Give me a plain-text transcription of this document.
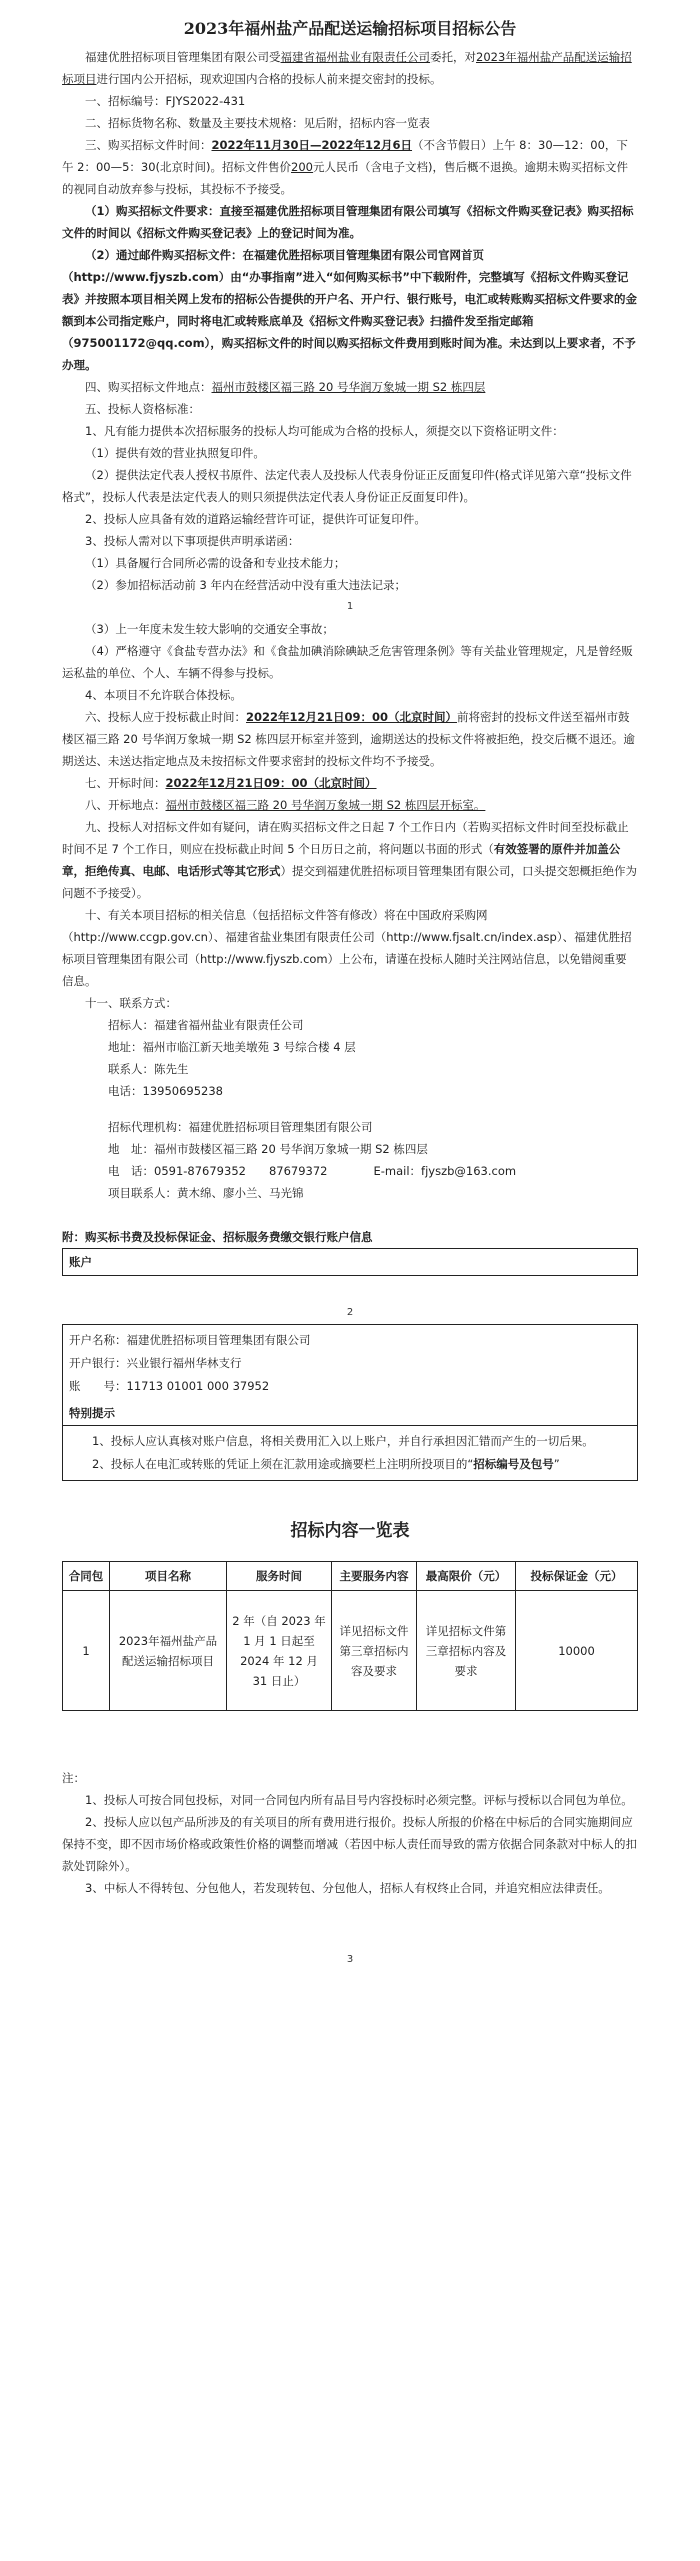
2023年福州盐产品配送运输招标项目招标公告

福建优胜招标项目管理集团有限公司受福建省福州盐业有限责任公司委托，对2023年福州盐产品配送运输招标项目进行国内公开招标，现欢迎国内合格的投标人前来提交密封的投标。

一、招标编号：FJYS2022-431

二、招标货物名称、数量及主要技术规格：见后附，招标内容一览表

三、购买招标文件时间：2022年11月30日—2022年12月6日（不含节假日）上午 8：30—12：00，下午 2：00—5：30(北京时间)。招标文件售价200元人民币（含电子文档)，售后概不退换。逾期未购买招标文件的视同自动放弃参与投标，其投标不予接受。

（1）购买招标文件要求：直接至福建优胜招标项目管理集团有限公司填写《招标文件购买登记表》购买招标文件的时间以《招标文件购买登记表》上的登记时间为准。

（2）通过邮件购买招标文件：在福建优胜招标项目管理集团有限公司官网首页（http://www.fjyszb.com）由“办事指南”进入“如何购买标书”中下载附件，完整填写《招标文件购买登记表》并按照本项目相关网上发布的招标公告提供的开户名、开户行、银行账号，电汇或转账购买招标文件要求的金额到本公司指定账户，同时将电汇或转账底单及《招标文件购买登记表》扫描件发至指定邮箱（975001172@qq.com），购买招标文件的时间以购买招标文件费用到账时间为准。未达到以上要求者，不予办理。

四、购买招标文件地点：福州市鼓楼区福三路 20 号华润万象城一期 S2 栋四层

五、投标人资格标准：

1、凡有能力提供本次招标服务的投标人均可能成为合格的投标人，须提交以下资格证明文件：

（1）提供有效的营业执照复印件。

（2）提供法定代表人授权书原件、法定代表人及投标人代表身份证正反面复印件(格式详见第六章“投标文件格式”，投标人代表是法定代表人的则只须提供法定代表人身份证正反面复印件)。

2、投标人应具备有效的道路运输经营许可证，提供许可证复印件。

3、投标人需对以下事项提供声明承诺函：

（1）具备履行合同所必需的设备和专业技术能力；

（2）参加招标活动前 3 年内在经营活动中没有重大违法记录；

1

（3）上一年度未发生较大影响的交通安全事故；

（4）严格遵守《食盐专营办法》和《食盐加碘消除碘缺乏危害管理条例》等有关盐业管理规定，凡是曾经贩运私盐的单位、个人、车辆不得参与投标。

4、本项目不允许联合体投标。

六、投标人应于投标截止时间：2022年12月21日09：00（北京时间）前将密封的投标文件送至福州市鼓楼区福三路 20 号华润万象城一期 S2 栋四层开标室并签到，逾期送达的投标文件将被拒绝，投交后概不退还。逾期送达、未送达指定地点及未按招标文件要求密封的投标文件均不予接受。

七、开标时间：2022年12月21日09：00（北京时间）

八、开标地点：福州市鼓楼区福三路 20 号华润万象城一期 S2 栋四层开标室。

九、投标人对招标文件如有疑问，请在购买招标文件之日起 7 个工作日内（若购买招标文件时间至投标截止时间不足 7 个工作日，则应在投标截止时间 5 个日历日之前，将问题以书面的形式（有效签署的原件并加盖公章，拒绝传真、电邮、电话形式等其它形式）提交到福建优胜招标项目管理集团有限公司，口头提交恕概拒绝作为问题不予接受）。

十、有关本项目招标的相关信息（包括招标文件答有修改）将在中国政府采购网（http://www.ccgp.gov.cn）、福建省盐业集团有限责任公司（http://www.fjsalt.cn/index.asp）、福建优胜招标项目管理集团有限公司（http://www.fjyszb.com）上公布，请谨在投标人随时关注网站信息，以免错阅重要信息。

十一、联系方式：

招标人：福建省福州盐业有限责任公司

地址：福州市临江新天地美墩苑 3 号综合楼 4 层

联系人：陈先生

电话：13950695238

招标代理机构：福建优胜招标项目管理集团有限公司

地　址：福州市鼓楼区福三路 20 号华润万象城一期 S2 栋四层

电　话：0591-87679352　　87679372　　　　E-mail：fjyszb@163.com

项目联系人：黄木绵、廖小兰、马光锦

附：购买标书费及投标保证金、招标服务费缴交银行账户信息

账户
2

开户名称：福建优胜招标项目管理集团有限公司

开户银行：兴业银行福州华林支行

账　　号：11713 01001 000 37952

特别提示

1、投标人应认真核对账户信息，将相关费用汇入以上账户，并自行承担因汇错而产生的一切后果。

2、投标人在电汇或转账的凭证上须在汇款用途或摘要栏上注明所投项目的“招标编号及包号”

招标内容一览表
合同包	项目名称	服务时间	主要服务内容	最高限价（元）	投标保证金（元）
1	2023年福州盐产品配送运输招标项目	2 年（自 2023 年 1 月 1 日起至 2024 年 12 月 31 日止）	详见招标文件第三章招标内容及要求	详见招标文件第三章招标内容及要求	10000

注：

1、投标人可按合同包投标，对同一合同包内所有品目号内容投标时必须完整。评标与授标以合同包为单位。

2、投标人应以包产品所涉及的有关项目的所有费用进行报价。投标人所报的价格在中标后的合同实施期间应保持不变，即不因市场价格或政策性价格的调整而增减（若因中标人责任而导致的需方依据合同条款对中标人的扣款处罚除外）。

3、中标人不得转包、分包他人，若发现转包、分包他人，招标人有权终止合同，并追究相应法律责任。

3
